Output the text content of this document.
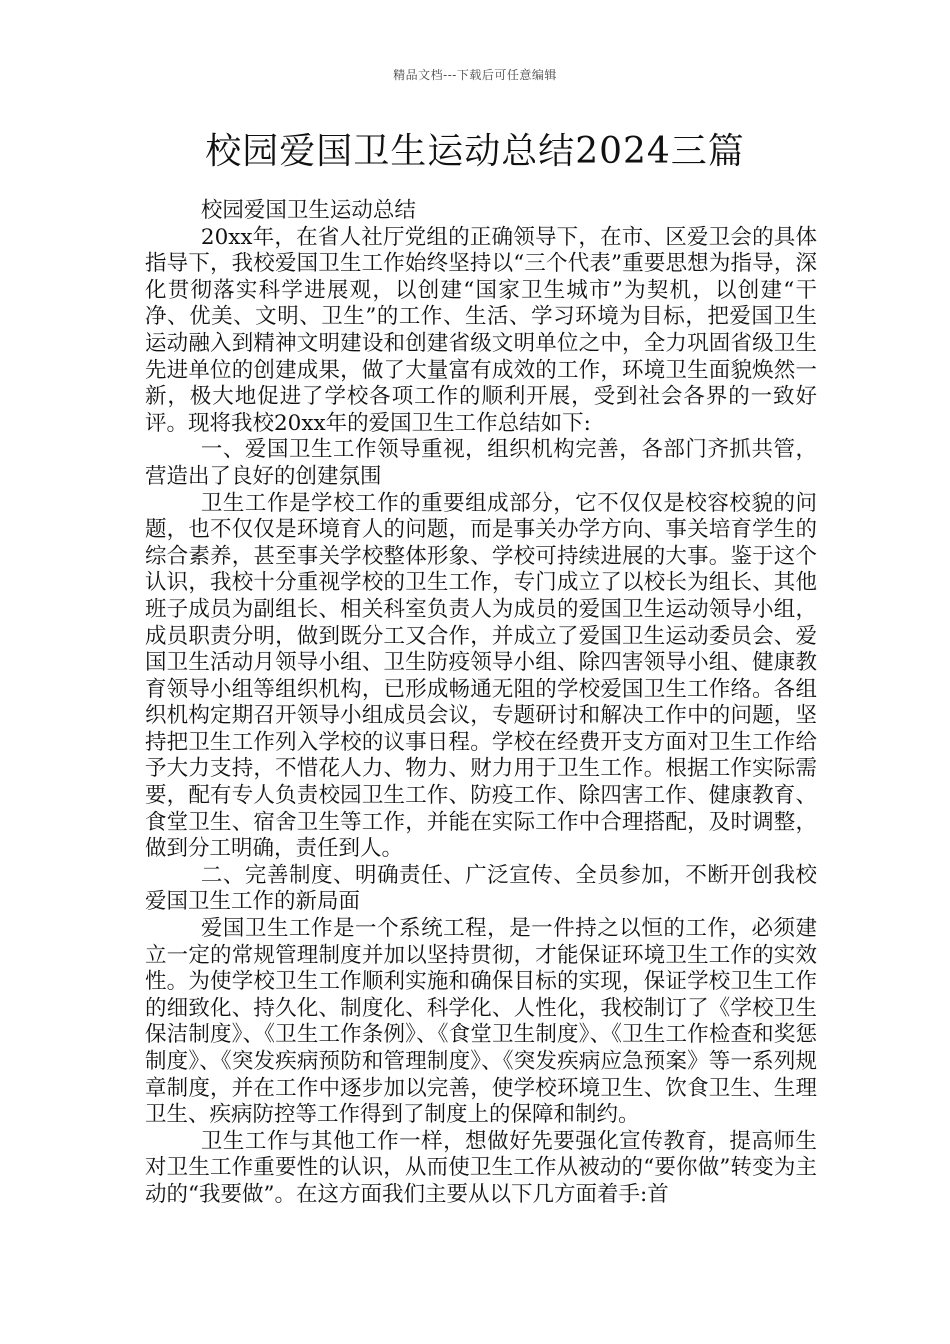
精品文档---下载后可任意编辑
校园爱国卫生运动总结2024三篇

校园爱国卫生运动总结

20xx年，在省人社厅党组的正确领导下，在市、区爱卫会的具体指导下，我校爱国卫生工作始终坚持以“三个代表”重要思想为指导，深化贯彻落实科学进展观，以创建“国家卫生城市”为契机，以创建“干净、优美、文明、卫生”的工作、生活、学习环境为目标，把爱国卫生运动融入到精神文明建设和创建省级文明单位之中，全力巩固省级卫生先进单位的创建成果，做了大量富有成效的工作，环境卫生面貌焕然一新，极大地促进了学校各项工作的顺利开展，受到社会各界的一致好评。现将我校20xx年的爱国卫生工作总结如下:

一、爱国卫生工作领导重视，组织机构完善，各部门齐抓共管，营造出了良好的创建氛围

卫生工作是学校工作的重要组成部分，它不仅仅是校容校貌的问题，也不仅仅是环境育人的问题，而是事关办学方向、事关培育学生的综合素养，甚至事关学校整体形象、学校可持续进展的大事。鉴于这个认识，我校十分重视学校的卫生工作，专门成立了以校长为组长、其他班子成员为副组长、相关科室负责人为成员的爱国卫生运动领导小组，成员职责分明，做到既分工又合作，并成立了爱国卫生运动委员会、爱国卫生活动月领导小组、卫生防疫领导小组、除四害领导小组、健康教育领导小组等组织机构，已形成畅通无阻的学校爱国卫生工作络。各组织机构定期召开领导小组成员会议，专题研讨和解决工作中的问题，坚持把卫生工作列入学校的议事日程。学校在经费开支方面对卫生工作给予大力支持，不惜花人力、物力、财力用于卫生工作。根据工作实际需要，配有专人负责校园卫生工作、防疫工作、除四害工作、健康教育、食堂卫生、宿舍卫生等工作，并能在实际工作中合理搭配，及时调整，做到分工明确，责任到人。

二、完善制度、明确责任、广泛宣传、全员参加，不断开创我校爱国卫生工作的新局面

爱国卫生工作是一个系统工程，是一件持之以恒的工作，必须建立一定的常规管理制度并加以坚持贯彻，才能保证环境卫生工作的实效性。为使学校卫生工作顺利实施和确保目标的实现，保证学校卫生工作的细致化、持久化、制度化、科学化、人性化，我校制订了《学校卫生保洁制度》、《卫生工作条例》、《食堂卫生制度》、《卫生工作检查和奖惩制度》、《突发疾病预防和管理制度》、《突发疾病应急预案》等一系列规章制度，并在工作中逐步加以完善，使学校环境卫生、饮食卫生、生理卫生、疾病防控等工作得到了制度上的保障和制约。

卫生工作与其他工作一样，想做好先要强化宣传教育，提高师生对卫生工作重要性的认识，从而使卫生工作从被动的“要你做”转变为主动的“我要做”。在这方面我们主要从以下几方面着手:首
